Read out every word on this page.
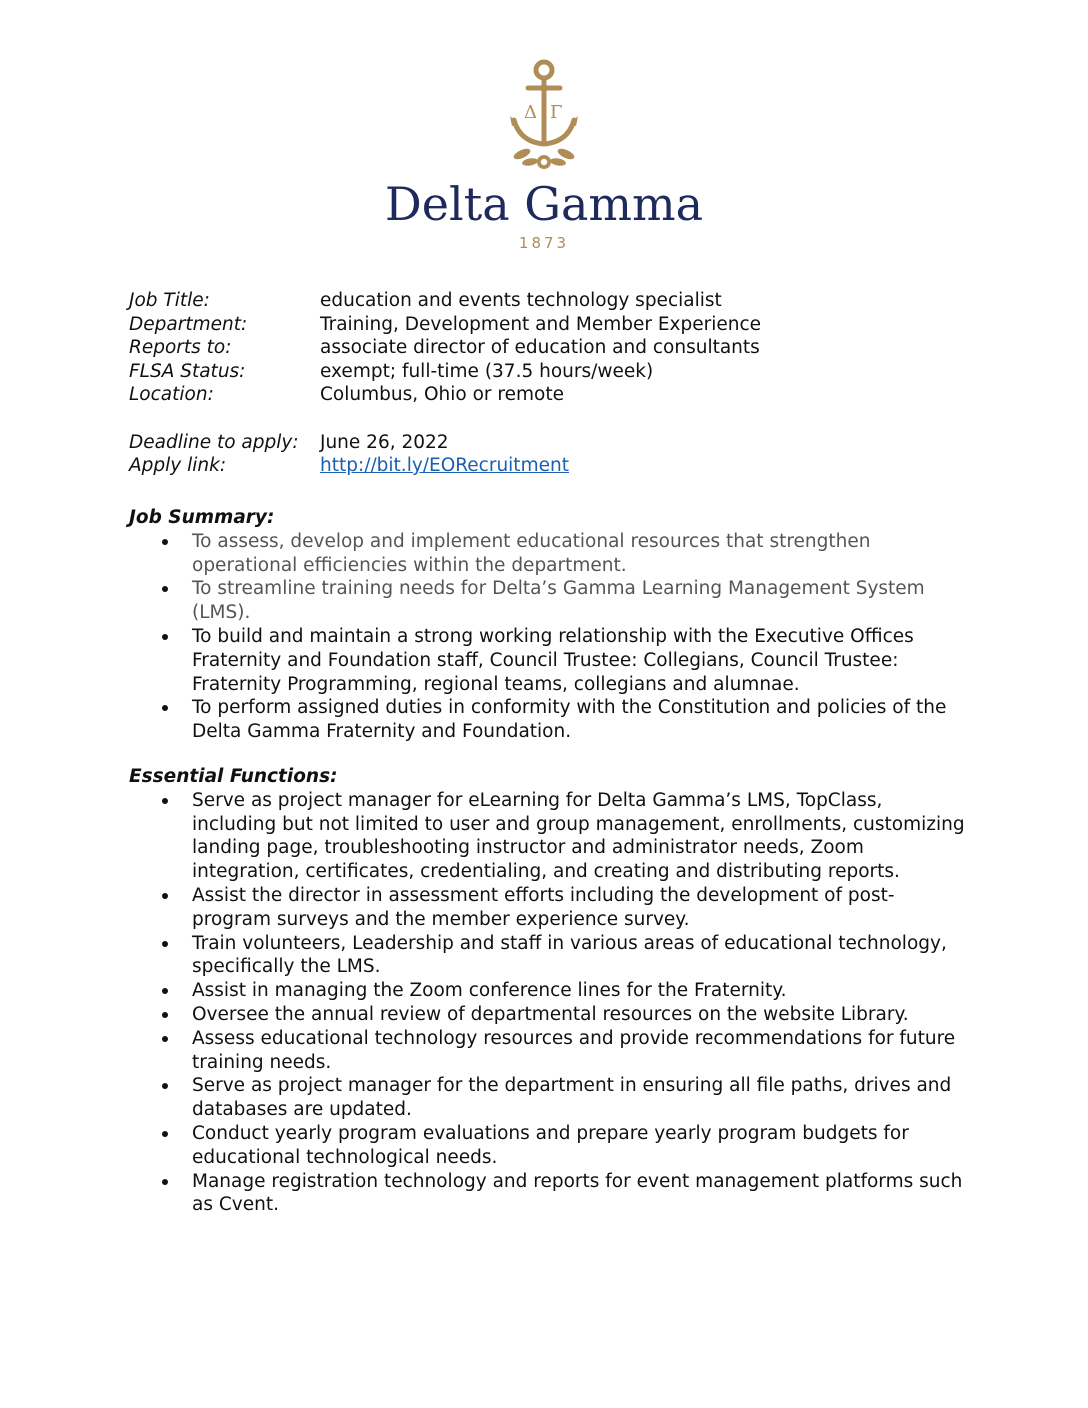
Δ Γ
Delta Gamma
1873
Job Title:	education and events technology specialist
Department:	Training, Development and Member Experience
Reports to:	associate director of education and consultants
FLSA Status:	exempt; full-time (37.5 hours/week)
Location:	Columbus, Ohio or remote
Deadline to apply:	June 26, 2022
Apply link:	http://bit.ly/EORecruitment
Job Summary:
To assess, develop and implement educational resources that strengthen operational efficiencies within the department.
To streamline training needs for Delta’s Gamma Learning Management System (LMS).
To build and maintain a strong working relationship with the Executive Offices Fraternity and Foundation staff, Council Trustee: Collegians, Council Trustee: Fraternity Programming, regional teams, collegians and alumnae.
To perform assigned duties in conformity with the Constitution and policies of the Delta Gamma Fraternity and Foundation.
Essential Functions:
Serve as project manager for eLearning for Delta Gamma’s LMS, TopClass, including but not limited to user and group management, enrollments, customizing landing page, troubleshooting instructor and administrator needs, Zoom integration, certificates, credentialing, and creating and distributing reports.
Assist the director in assessment efforts including the development of post-program surveys and the member experience survey.
Train volunteers, Leadership and staff in various areas of educational technology, specifically the LMS.
Assist in managing the Zoom conference lines for the Fraternity.
Oversee the annual review of departmental resources on the website Library.
Assess educational technology resources and provide recommendations for future training needs.
Serve as project manager for the department in ensuring all file paths, drives and databases are updated.
Conduct yearly program evaluations and prepare yearly program budgets for educational technological needs.
Manage registration technology and reports for event management platforms such as Cvent.
